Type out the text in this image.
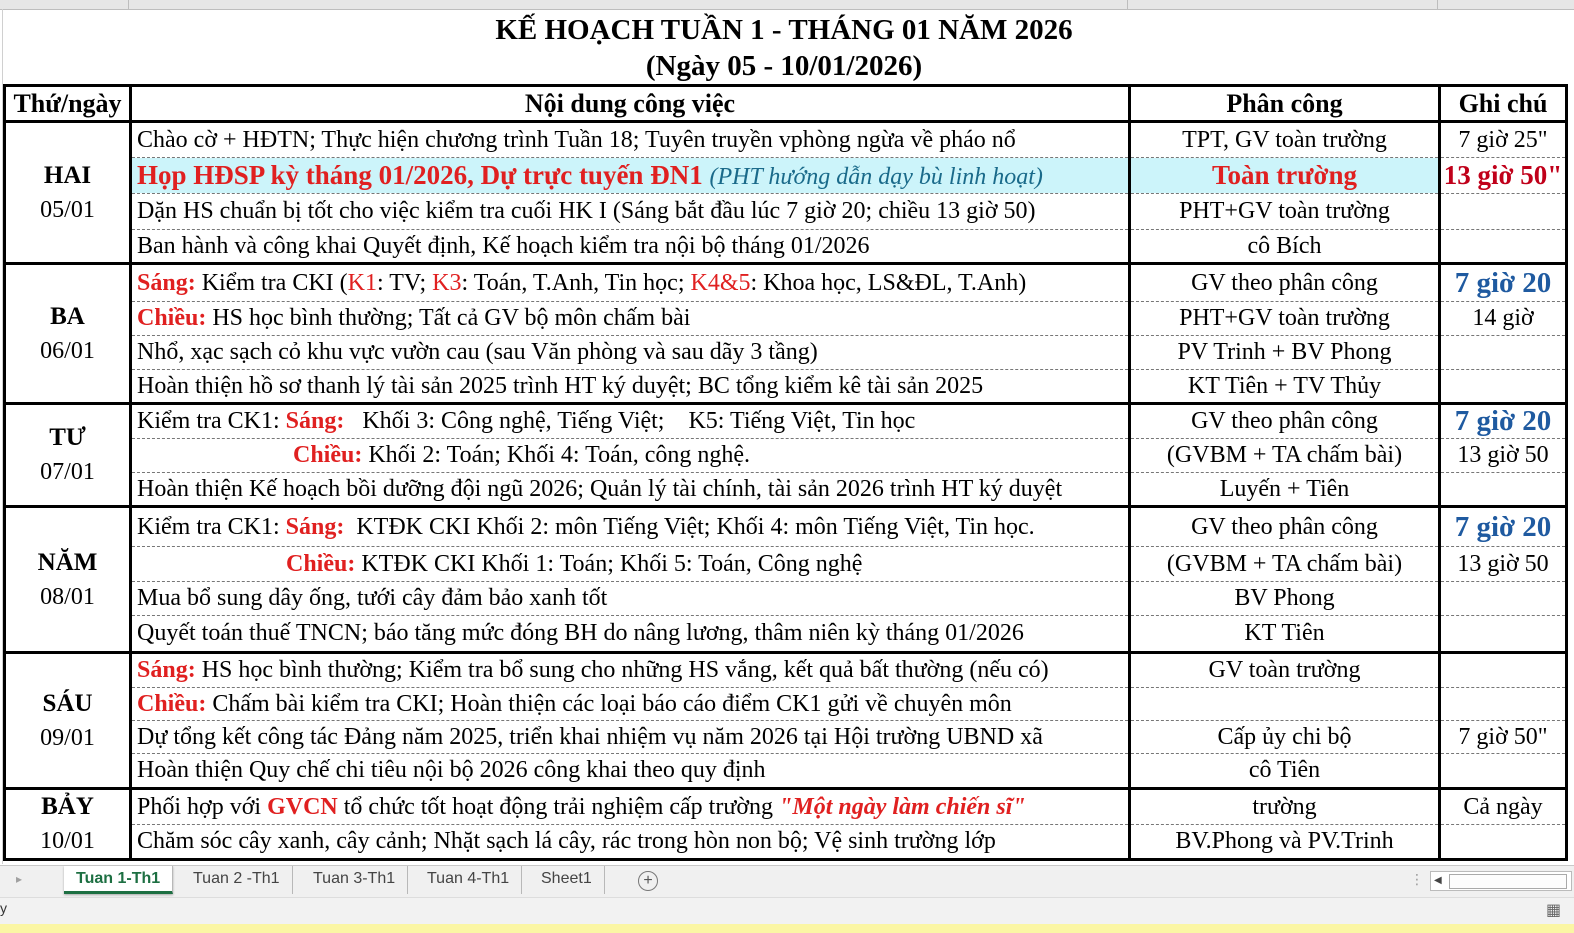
KẾ HOẠCH TUẦN 1 - THÁNG 01 NĂM 2026
(Ngày 05 - 10/01/2026)
Thứ/ngày	Nội dung công việc	Phân công	Ghi chú
HAI
05/01	Chào cờ + HĐTN; Thực hiện chương trình Tuần 18; Tuyên truyền vphòng ngừa về pháo nổ	TPT, GV toàn trường	7 giờ 25"
	Họp HĐSP kỳ tháng 01/2026, Dự trực tuyến ĐN1 (PHT hướng dẫn dạy bù linh hoạt)	Toàn trường	13 giờ 50"
	Dặn HS chuẩn bị tốt cho việc kiểm tra cuối HK I (Sáng bắt đầu lúc 7 giờ 20; chiều 13 giờ 50)	PHT+GV toàn trường	
	Ban hành và công khai Quyết định, Kế hoạch kiểm tra nội bộ tháng 01/2026	cô Bích	
BA
06/01	Sáng: Kiểm tra CKI (K1: TV; K3: Toán, T.Anh, Tin học; K4&5: Khoa học, LS&ĐL, T.Anh)	GV theo phân công	7 giờ 20
	Chiều: HS học bình thường; Tất cả GV bộ môn chấm bài	PHT+GV toàn trường	14 giờ
	Nhổ, xạc sạch cỏ khu vực vườn cau (sau Văn phòng và sau dãy 3 tầng)	PV Trinh + BV Phong	
	Hoàn thiện hồ sơ thanh lý tài sản 2025 trình HT ký duyệt; BC tổng kiểm kê tài sản 2025	KT Tiên + TV Thủy	
TƯ
07/01	Kiểm tra CK1: Sáng:   Khối 3: Công nghệ, Tiếng Việt;    K5: Tiếng Việt, Tin học	GV theo phân công	7 giờ 20
	Chiều: Khối 2: Toán; Khối 4: Toán, công nghệ.	(GVBM + TA chấm bài)	13 giờ 50
	Hoàn thiện Kế hoạch bồi dưỡng đội ngũ 2026; Quản lý tài chính, tài sản 2026 trình HT ký duyệt	Luyến + Tiên	
NĂM
08/01	Kiểm tra CK1: Sáng:  KTĐK CKI Khối 2: môn Tiếng Việt; Khối 4: môn Tiếng Việt, Tin học.	GV theo phân công	7 giờ 20
	Chiều: KTĐK CKI Khối 1: Toán; Khối 5: Toán, Công nghệ	(GVBM + TA chấm bài)	13 giờ 50
	Mua bổ sung dây ống, tưới cây đảm bảo xanh tốt	BV Phong	
	Quyết toán thuế TNCN; báo tăng mức đóng BH do nâng lương, thâm niên kỳ tháng 01/2026	KT Tiên	
SÁU
09/01	Sáng: HS học bình thường; Kiểm tra bổ sung cho những HS vắng, kết quả bất thường (nếu có)	GV toàn trường	
	Chiều: Chấm bài kiểm tra CKI; Hoàn thiện các loại báo cáo điểm CK1 gửi về chuyên môn		
	Dự tổng kết công tác Đảng năm 2025, triển khai nhiệm vụ năm 2026 tại Hội trường UBND xã	Cấp ủy chi bộ	7 giờ 50"
	Hoàn thiện Quy chế chi tiêu nội bộ 2026 công khai theo quy định	cô Tiên	
BẢY
10/01	Phối hợp với GVCN tổ chức tốt hoạt động trải nghiệm cấp trường "Một ngày làm chiến sĩ"	trường	Cả ngày
	Chăm sóc cây xanh, cây cảnh; Nhặt sạch lá cây, rác trong hòn non bộ; Vệ sinh trường lớp	BV.Phong và PV.Trinh	
▸	Tuan 1-Th1	Tuan 2 -Th1	Tuan 3-Th1	Tuan 4-Th1	Sheet1	+	⋮ ◀
y	▦
